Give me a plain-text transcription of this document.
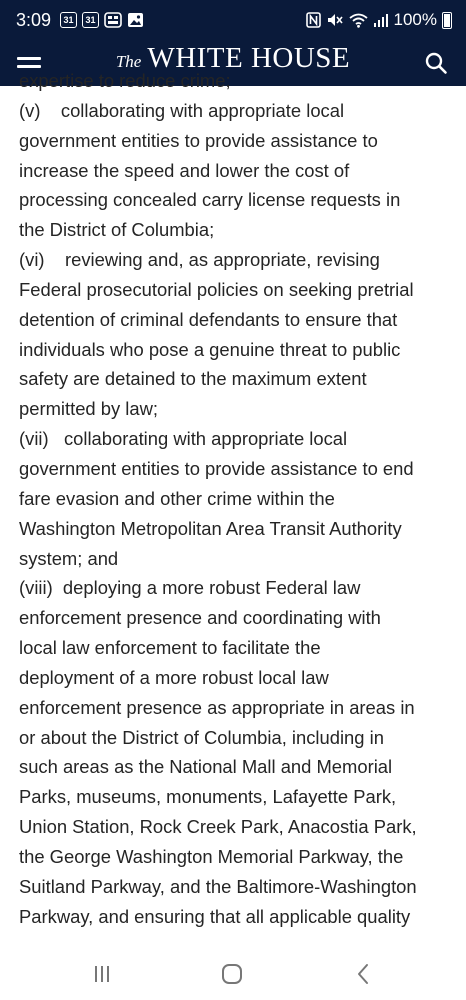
3:09	31	31	100%
The WHITE HOUSE
expertise to reduce crime;
(v)    collaborating with appropriate local
government entities to provide assistance to
increase the speed and lower the cost of
processing concealed carry license requests in
the District of Columbia;
(vi)    reviewing and, as appropriate, revising
Federal prosecutorial policies on seeking pretrial
detention of criminal defendants to ensure that
individuals who pose a genuine threat to public
safety are detained to the maximum extent
permitted by law;
(vii)   collaborating with appropriate local
government entities to provide assistance to end
fare evasion and other crime within the
Washington Metropolitan Area Transit Authority
system; and
(viii)  deploying a more robust Federal law
enforcement presence and coordinating with
local law enforcement to facilitate the
deployment of a more robust local law
enforcement presence as appropriate in areas in
or about the District of Columbia, including in
such areas as the National Mall and Memorial
Parks, museums, monuments, Lafayette Park,
Union Station, Rock Creek Park, Anacostia Park,
the George Washington Memorial Parkway, the
Suitland Parkway, and the Baltimore-Washington
Parkway, and ensuring that all applicable quality
